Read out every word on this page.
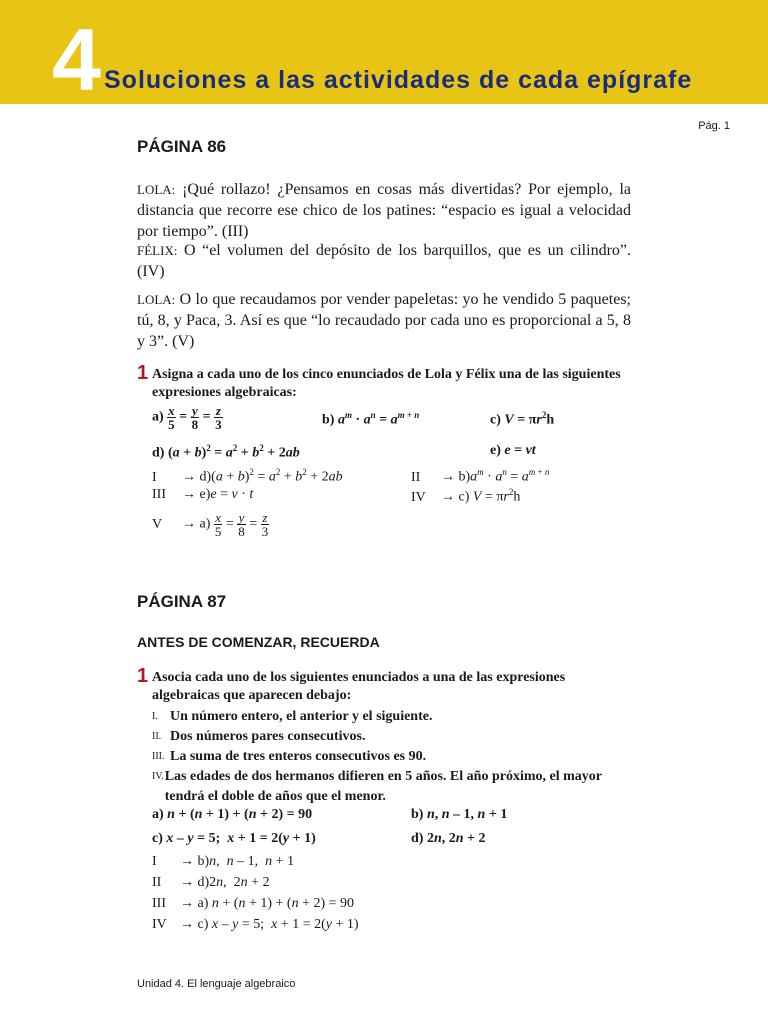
4 Soluciones a las actividades de cada epígrafe
Pág. 1
PÁGINA 86
LOLA: ¡Qué rollazo! ¿Pensamos en cosas más divertidas? Por ejemplo, la distancia que recorre ese chico de los patines: “espacio es igual a velocidad por tiempo”. (III)
FÉLIX: O “el volumen del depósito de los barquillos, que es un cilindro”. (IV)
LOLA: O lo que recaudamos por vender papeletas: yo he vendido 5 paquetes; tú, 8, y Paca, 3. Así es que “lo recaudado por cada uno es proporcional a 5, 8 y 3”. (V)
1 Asigna a cada uno de los cinco enunciados de Lola y Félix una de las siguientes expresiones algebraicas:
$a) \frac{x}{5} = \frac{y}{8} = \frac{z}{3}$	b) $a^m \cdot a^n = a^{m + n}$	c) $V = \pi r^2h$
d) $(a + b)^2 = a^2 + b^2 + 2ab$	e) e = vt
$I \to d)(a + b)^2 = a^2 + b^2 + 2ab$	II → $b)a^m \cdot a^n = a^{m + n}$
III → e)e = v · t	IV → c) $V = \pi r^2h$
$V \to a) \frac{x}{5} = \frac{y}{8} = \frac{z}{3}$
PÁGINA 87
ANTES DE COMENZAR, RECUERDA
1 Asocia cada uno de los siguientes enunciados a una de las expresiones algebraicas que aparecen debajo:
I. Un número entero, el anterior y el siguiente.
II. Dos números pares consecutivos.
III. La suma de tres enteros consecutivos es 90.
IV. Las edades de dos hermanos difieren en 5 años. El año próximo, el mayor tendrá el doble de años que el menor.
a) n + (n + 1) + (n + 2) = 90	b) n, n – 1, n + 1
c) x – y = 5;  x + 1 = 2(y + 1)	d) 2n, 2n + 2
I → b)n,  n – 1,  n + 1
II → d)2n,  2n + 2
III → a) n + (n + 1) + (n + 2) = 90
IV → c) x – y = 5;  x + 1 = 2(y + 1)
Unidad 4. El lenguaje algebraico
